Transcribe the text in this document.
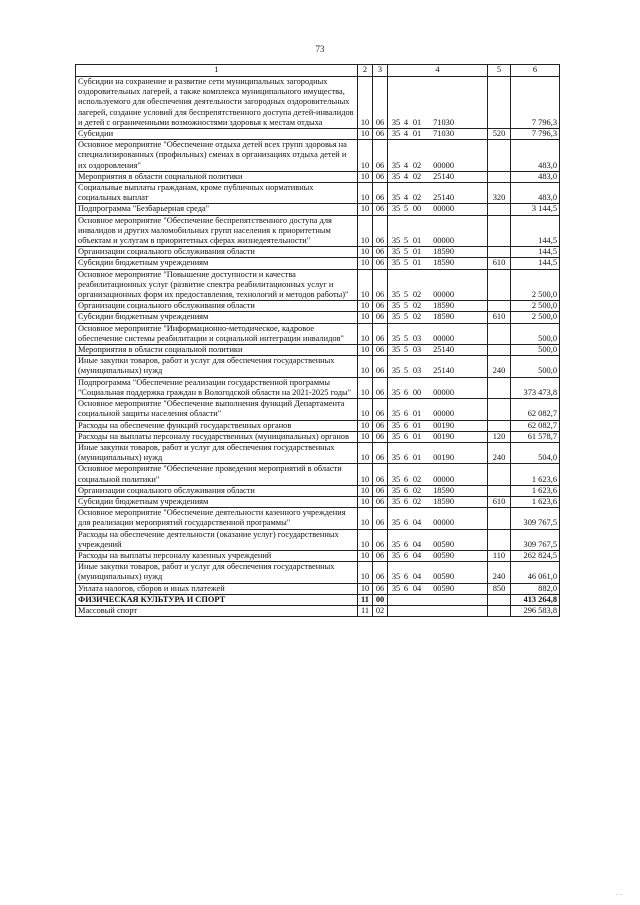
73
1	2	3	4	5	6
Субсидии на сохранение и развитие сети муниципальных загородных оздоровительных лагерей, а также комплекса муниципального имущества, используемого для обеспечения деятельности загородных оздоровительных лагерей, создание условий для беспрепятственного доступа детей-инвалидов и детей с ограниченными возможностями здоровья к местам отдыха	10	06	35 4 01 71030		7 796,3
Субсидии	10	06	35 4 01 71030	520	7 796,3
Основное мероприятие "Обеспечение отдыха детей всех групп здоровья на специализированных (профильных) сменах в организациях отдыха детей и их оздоровления"	10	06	35 4 02 00000		483,0
Мероприятия в области социальной политики	10	06	35 4 02 25140		483,0
Социальные выплаты гражданам, кроме публичных нормативных социальных выплат	10	06	35 4 02 25140	320	483,0
Подпрограмма "Безбарьерная среда"	10	06	35 5 00 00000		3 144,5
Основное мероприятие "Обеспечение беспрепятственного доступа для инвалидов и других маломобильных групп населения к приоритетным объектам и услугам в приоритетных сферах жизнедеятельности"	10	06	35 5 01 00000		144,5
Организации социального обслуживания области	10	06	35 5 01 18590		144,5
Субсидии бюджетным учреждениям	10	06	35 5 01 18590	610	144,5
Основное мероприятие "Повышение доступности и качества реабилитационных услуг (развитие спектра реабилитационных услуг и организационных форм их предоставления, технологий и методов работы)"	10	06	35 5 02 00000		2 500,0
Организации социального обслуживания области	10	06	35 5 02 18590		2 500,0
Субсидии бюджетным учреждениям	10	06	35 5 02 18590	610	2 500,0
Основное мероприятие "Информационно-методическое, кадровое обеспечение системы реабилитации и социальной интеграции инвалидов"	10	06	35 5 03 00000		500,0
Мероприятия в области социальной политики	10	06	35 5 03 25140		500,0
Иные закупки товаров, работ и услуг для обеспечения государственных (муниципальных) нужд	10	06	35 5 03 25140	240	500,0
Подпрограмма "Обеспечение реализации государственной программы "Социальная поддержка граждан в Вологодской области на 2021-2025 годы"	10	06	35 6 00 00000		373 473,8
Основное мероприятие "Обеспечение выполнения функций Департамента социальной защиты населения области"	10	06	35 6 01 00000		62 082,7
Расходы на обеспечение функций государственных органов	10	06	35 6 01 00190		62 082,7
Расходы на выплаты персоналу государственных (муниципальных) органов	10	06	35 6 01 00190	120	61 578,7
Иные закупки товаров, работ и услуг для обеспечения государственных (муниципальных) нужд	10	06	35 6 01 00190	240	504,0
Основное мероприятие "Обеспечение проведения мероприятий в области социальной политики"	10	06	35 6 02 00000		1 623,6
Организации социального обслуживания области	10	06	35 6 02 18590		1 623,6
Субсидии бюджетным учреждениям	10	06	35 6 02 18590	610	1 623,6
Основное мероприятие "Обеспечение деятельности казенного учреждения для реализации мероприятий государственной программы"	10	06	35 6 04 00000		309 767,5
Расходы на обеспечение деятельности (оказание услуг) государственных учреждений	10	06	35 6 04 00590		309 767,5
Расходы на выплаты персоналу казенных учреждений	10	06	35 6 04 00590	110	262 824,5
Иные закупки товаров, работ и услуг для обеспечения государственных (муниципальных) нужд	10	06	35 6 04 00590	240	46 061,0
Уплата налогов, сборов и иных платежей	10	06	35 6 04 00590	850	882,0
ФИЗИЧЕСКАЯ КУЛЬТУРА И СПОРТ	11	00			413 264,8
Массовый спорт	11	02			296 583,8
. .
